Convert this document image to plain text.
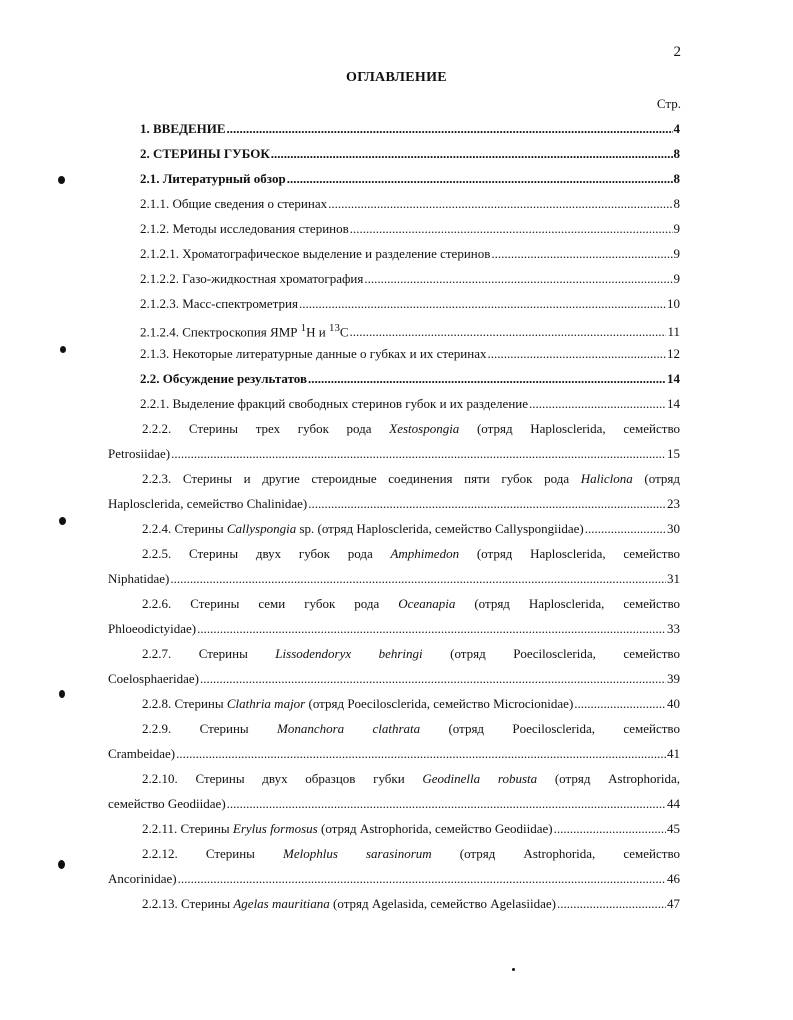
2
ОГЛАВЛЕНИЕ
Стр.
1. ВВЕДЕНИЕ .....	4
2. СТЕРИНЫ ГУБОК .....	8
2.1. Литературный обзор .....	8
2.1.1. Общие сведения о стеринах .....	8
2.1.2. Методы исследования стеринов .....	9
2.1.2.1. Хроматографическое выделение и разделение стеринов .....	9
2.1.2.2. Газо-жидкостная хроматография .....	9
2.1.2.3. Масс-спектрометрия .....	10
2.1.2.4. Спектроскопия ЯМР $^1$H и $^{13}$C .....	11
2.1.3. Некоторые литературные данные о губках и их стеринах .....	12
2.2. Обсуждение результатов .....	14
2.2.1. Выделение фракций свободных стеринов губок и их разделение .....	14
2.2.2. Стерины трех губок рода Xestospongia (отряд Haplosclerida, семейство
Petrosiidae) .....	15
2.2.3. Стерины и другие стероидные соединения пяти губок рода Haliclona (отряд
Haplosclerida, семейство Chalinidae) .....	23
2.2.4. Стерины Callyspongia sp. (отряд Haplosclerida, семейство Callyspongiidae) .....	30
2.2.5. Стерины двух губок рода Amphimedon (отряд Haplosclerida, семейство
Niphatidae) .....	31
2.2.6. Стерины семи губок рода Oceanapia (отряд Haplosclerida, семейство
Phloeodictyidae) .....	33
2.2.7. Стерины Lissodendoryx behringi (отряд Poecilosclerida, семейство
Coelosphaeridae) .....	39
2.2.8. Стерины Clathria major (отряд Poecilosclerida, семейство Microcionidae) .....	40
2.2.9. Стерины Monanchora clathrata (отряд Poecilosclerida, семейство
Crambeidae) .....	41
2.2.10. Стерины двух образцов губки Geodinella robusta (отряд Astrophorida,
семейство Geodiidae) .....	44
2.2.11. Стерины Erylus formosus (отряд Astrophorida, семейство Geodiidae) .....	45
2.2.12. Стерины Melophlus sarasinorum (отряд Astrophorida, семейство
Ancorinidae) .....	46
2.2.13. Стерины Agelas mauritiana (отряд Agelasida, семейство Agelasiidae) .....	47
